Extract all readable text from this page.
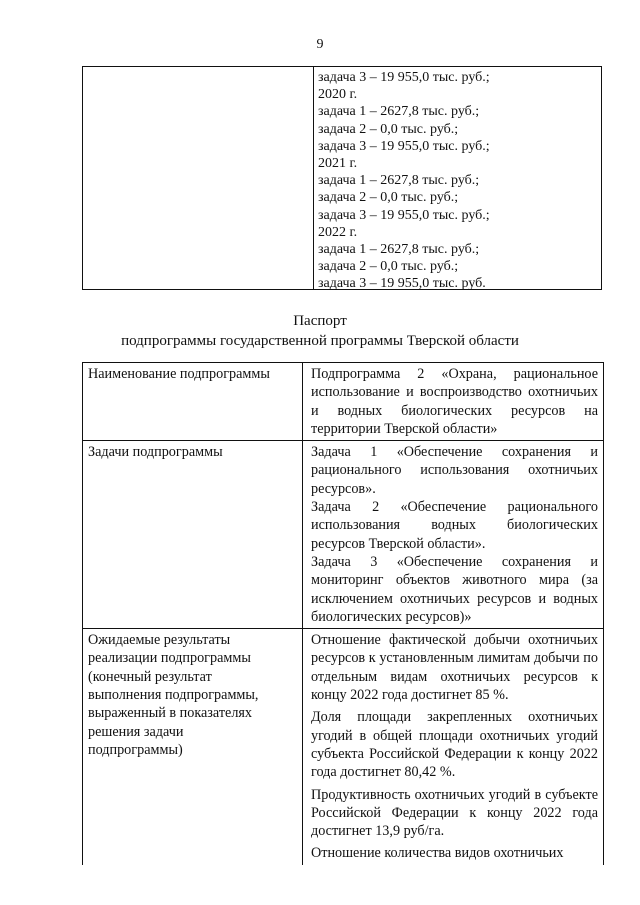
9
задача 3 – 19 955,0 тыс. руб.;
2020 г.
задача 1 – 2627,8 тыс. руб.;
задача 2 – 0,0 тыс. руб.;
задача 3 – 19 955,0 тыс. руб.;
2021 г.
задача 1 – 2627,8 тыс. руб.;
задача 2 – 0,0 тыс. руб.;
задача 3 – 19 955,0 тыс. руб.;
2022 г.
задача 1 – 2627,8 тыс. руб.;
задача 2 – 0,0 тыс. руб.;
задача 3 – 19 955,0 тыс. руб.
Паспорт
подпрограммы государственной программы Тверской области
Наименование подпрограммы	Подпрограмма 2 «Охрана, рациональное использование и воспроизводство охотничьих и водных биологических ресурсов на территории Тверской области»

Задачи подпрограммы	Задача 1 «Обеспечение сохранения и рационального использования охотничьих ресурсов».

Задача 2 «Обеспечение рационального использования водных биологических ресурсов Тверской области».

Задача 3 «Обеспечение сохранения и мониторинг объектов животного мира (за исключением охотничьих ресурсов и водных биологических ресурсов)»

Ожидаемые результаты
реализации подпрограммы
(конечный результат
выполнения подпрограммы,
выраженный в показателях
решения задачи
подпрограммы)

Отношение фактической добычи охотничьих ресурсов к установленным лимитам добычи по отдельным видам охотничьих ресурсов к концу 2022 года достигнет 85 %.

Доля площади закрепленных охотничьих угодий в общей площади охотничьих угодий субъекта Российской Федерации к концу 2022 года достигнет 80,42 %.

Продуктивность охотничьих угодий в субъекте Российской Федерации к концу 2022 года достигнет 13,9 руб/га.

Отношение количества видов охотничьих
